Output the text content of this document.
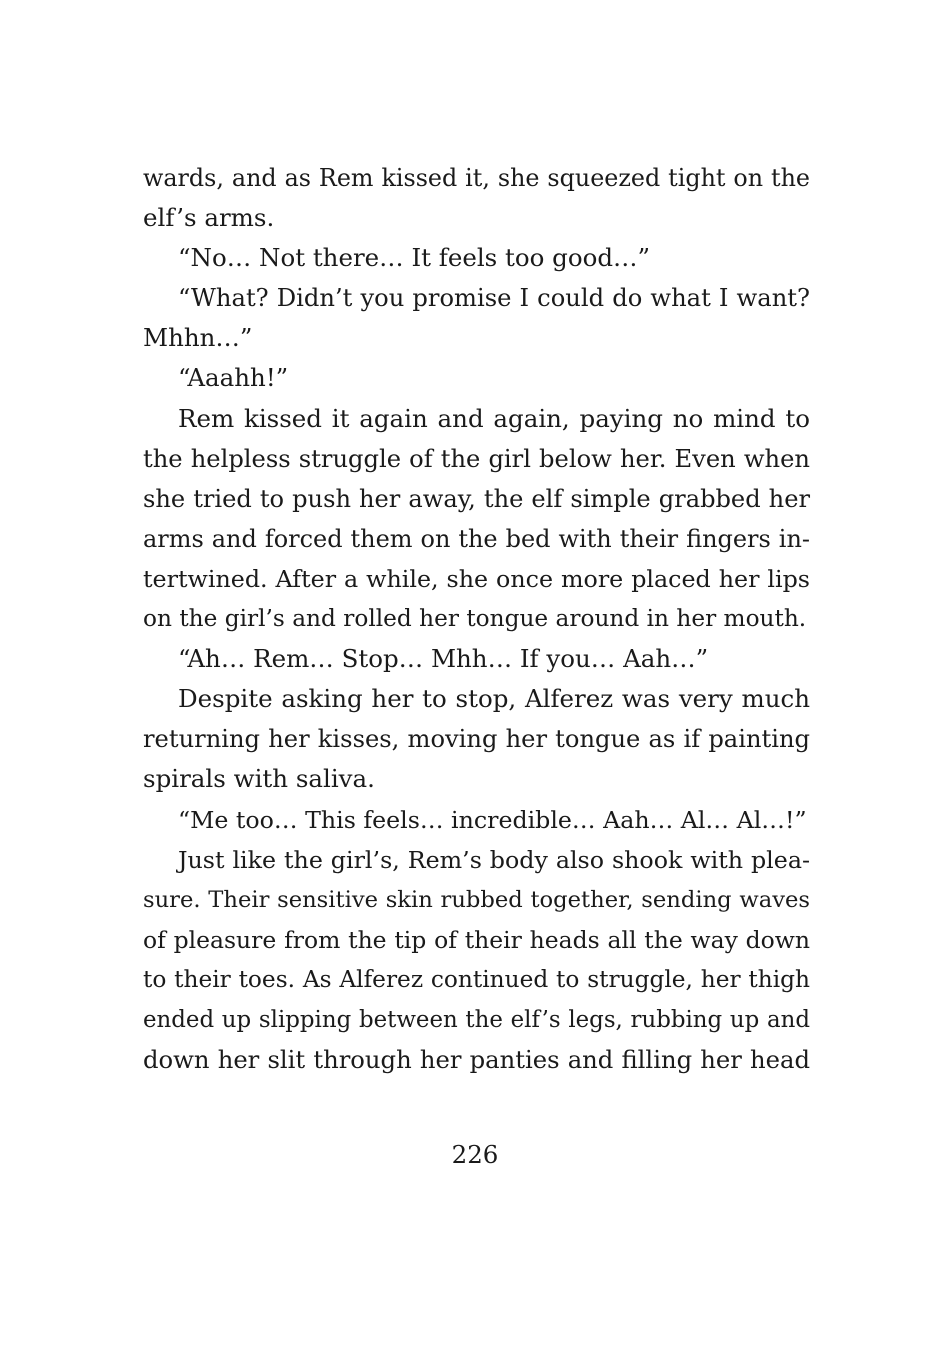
wards, and as Rem kissed it, she squeezed tight on the
elf’s arms.
“No… Not there… It feels too good…”
“What? Didn’t you promise I could do what I want?
Mhhn…”
“Aaahh!”
Rem kissed it again and again, paying no mind to
the helpless struggle of the girl below her. Even when
she tried to push her away, the elf simple grabbed her
arms and forced them on the bed with their fingers in-
tertwined. After a while, she once more placed her lips
on the girl’s and rolled her tongue around in her mouth.
“Ah… Rem… Stop… Mhh… If you… Aah…”
Despite asking her to stop, Alferez was very much
returning her kisses, moving her tongue as if painting
spirals with saliva.
“Me too… This feels… incredible… Aah… Al… Al…!”
Just like the girl’s, Rem’s body also shook with plea-
sure. Their sensitive skin rubbed together, sending waves
of pleasure from the tip of their heads all the way down
to their toes. As Alferez continued to struggle, her thigh
ended up slipping between the elf’s legs, rubbing up and
down her slit through her panties and filling her head
226
